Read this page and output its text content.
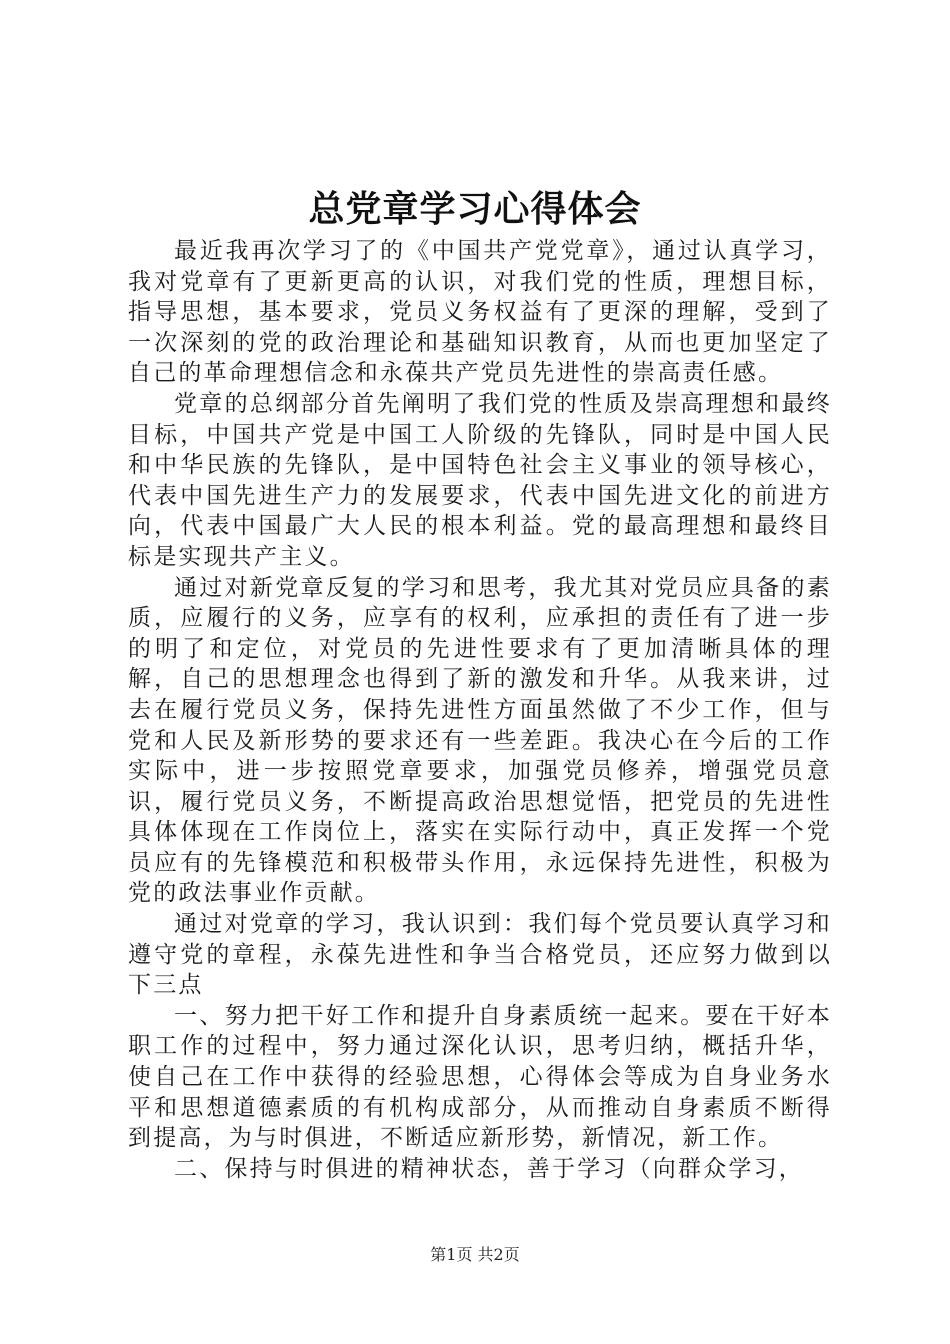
总党章学习心得体会

最近我再次学习了的《中国共产党党章》，通过认真学习，我对党章有了更新更高的认识，对我们党的性质，理想目标，指导思想，基本要求，党员义务权益有了更深的理解，受到了一次深刻的党的政治理论和基础知识教育，从而也更加坚定了自己的革命理想信念和永葆共产党员先进性的崇高责任感。

党章的总纲部分首先阐明了我们党的性质及崇高理想和最终目标，中国共产党是中国工人阶级的先锋队，同时是中国人民和中华民族的先锋队，是中国特色社会主义事业的领导核心，代表中国先进生产力的发展要求，代表中国先进文化的前进方向，代表中国最广大人民的根本利益。党的最高理想和最终目标是实现共产主义。

通过对新党章反复的学习和思考，我尤其对党员应具备的素质，应履行的义务，应享有的权利，应承担的责任有了进一步的明了和定位，对党员的先进性要求有了更加清晰具体的理解，自己的思想理念也得到了新的激发和升华。从我来讲，过去在履行党员义务，保持先进性方面虽然做了不少工作，但与党和人民及新形势的要求还有一些差距。我决心在今后的工作实际中，进一步按照党章要求，加强党员修养，增强党员意识，履行党员义务，不断提高政治思想觉悟，把党员的先进性具体体现在工作岗位上，落实在实际行动中，真正发挥一个党员应有的先锋模范和积极带头作用，永远保持先进性，积极为党的政法事业作贡献。

通过对党章的学习，我认识到：我们每个党员要认真学习和遵守党的章程，永葆先进性和争当合格党员，还应努力做到以下三点

一、努力把干好工作和提升自身素质统一起来。要在干好本职工作的过程中，努力通过深化认识，思考归纳，概括升华，使自己在工作中获得的经验思想，心得体会等成为自身业务水平和思想道德素质的有机构成部分，从而推动自身素质不断得到提高，为与时俱进，不断适应新形势，新情况，新工作。

二、保持与时俱进的精神状态，善于学习（向群众学习，

第1页 共2页
